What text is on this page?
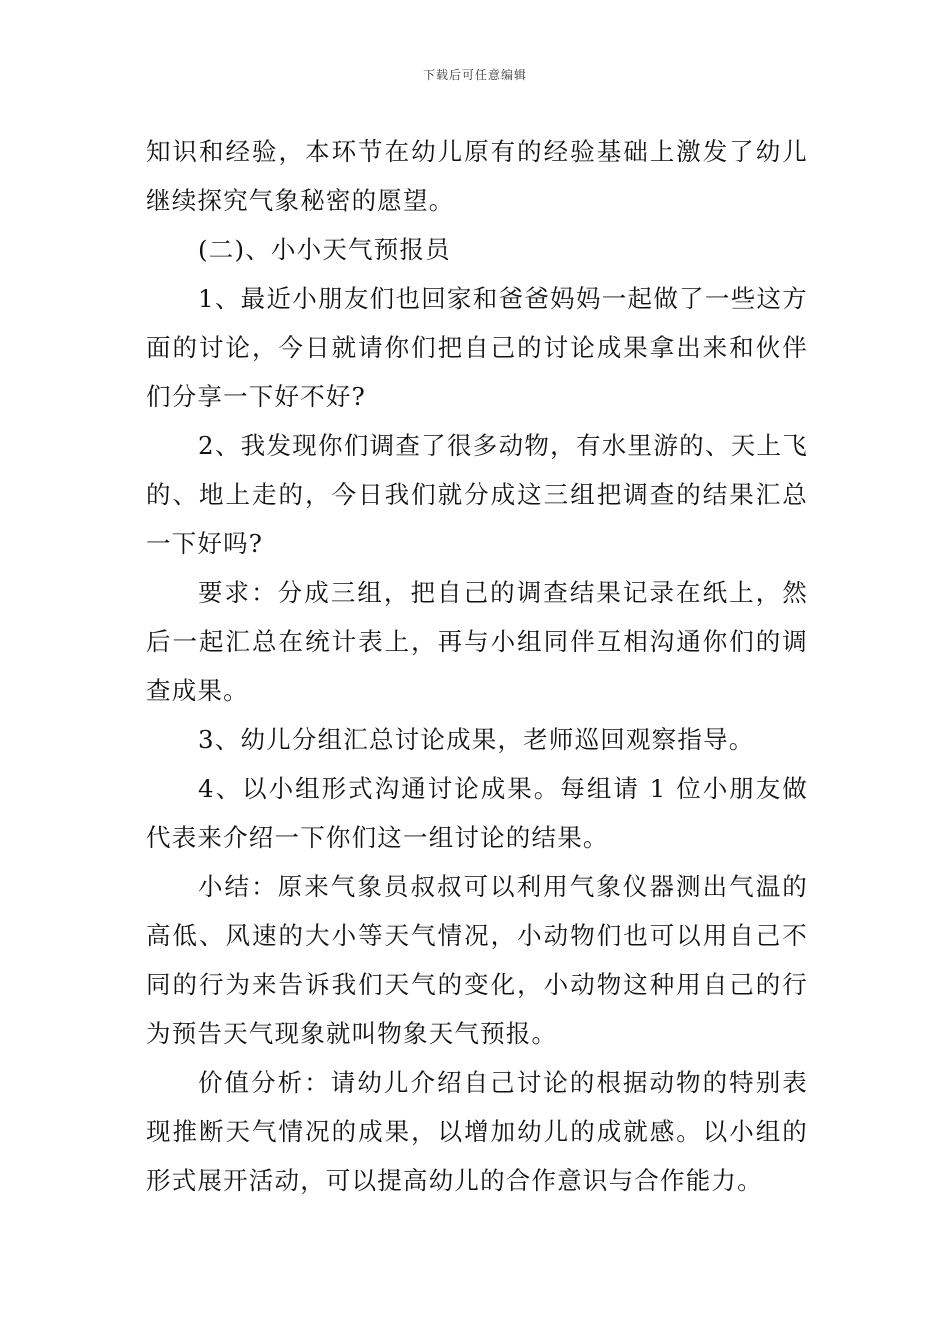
下载后可任意编辑

知识和经验，本环节在幼儿原有的经验基础上激发了幼儿继续探究气象秘密的愿望。

(二)、小小天气预报员

1、最近小朋友们也回家和爸爸妈妈一起做了一些这方面的讨论，今日就请你们把自己的讨论成果拿出来和伙伴们分享一下好不好?

2、我发现你们调查了很多动物，有水里游的、天上飞的、地上走的，今日我们就分成这三组把调查的结果汇总一下好吗?

要求：分成三组，把自己的调查结果记录在纸上，然后一起汇总在统计表上，再与小组同伴互相沟通你们的调查成果。

3、幼儿分组汇总讨论成果，老师巡回观察指导。

4、以小组形式沟通讨论成果。每组请 1 位小朋友做代表来介绍一下你们这一组讨论的结果。

小结：原来气象员叔叔可以利用气象仪器测出气温的高低、风速的大小等天气情况，小动物们也可以用自己不同的行为来告诉我们天气的变化，小动物这种用自己的行为预告天气现象就叫物象天气预报。

价值分析：请幼儿介绍自己讨论的根据动物的特别表现推断天气情况的成果，以增加幼儿的成就感。以小组的形式展开活动，可以提高幼儿的合作意识与合作能力。
